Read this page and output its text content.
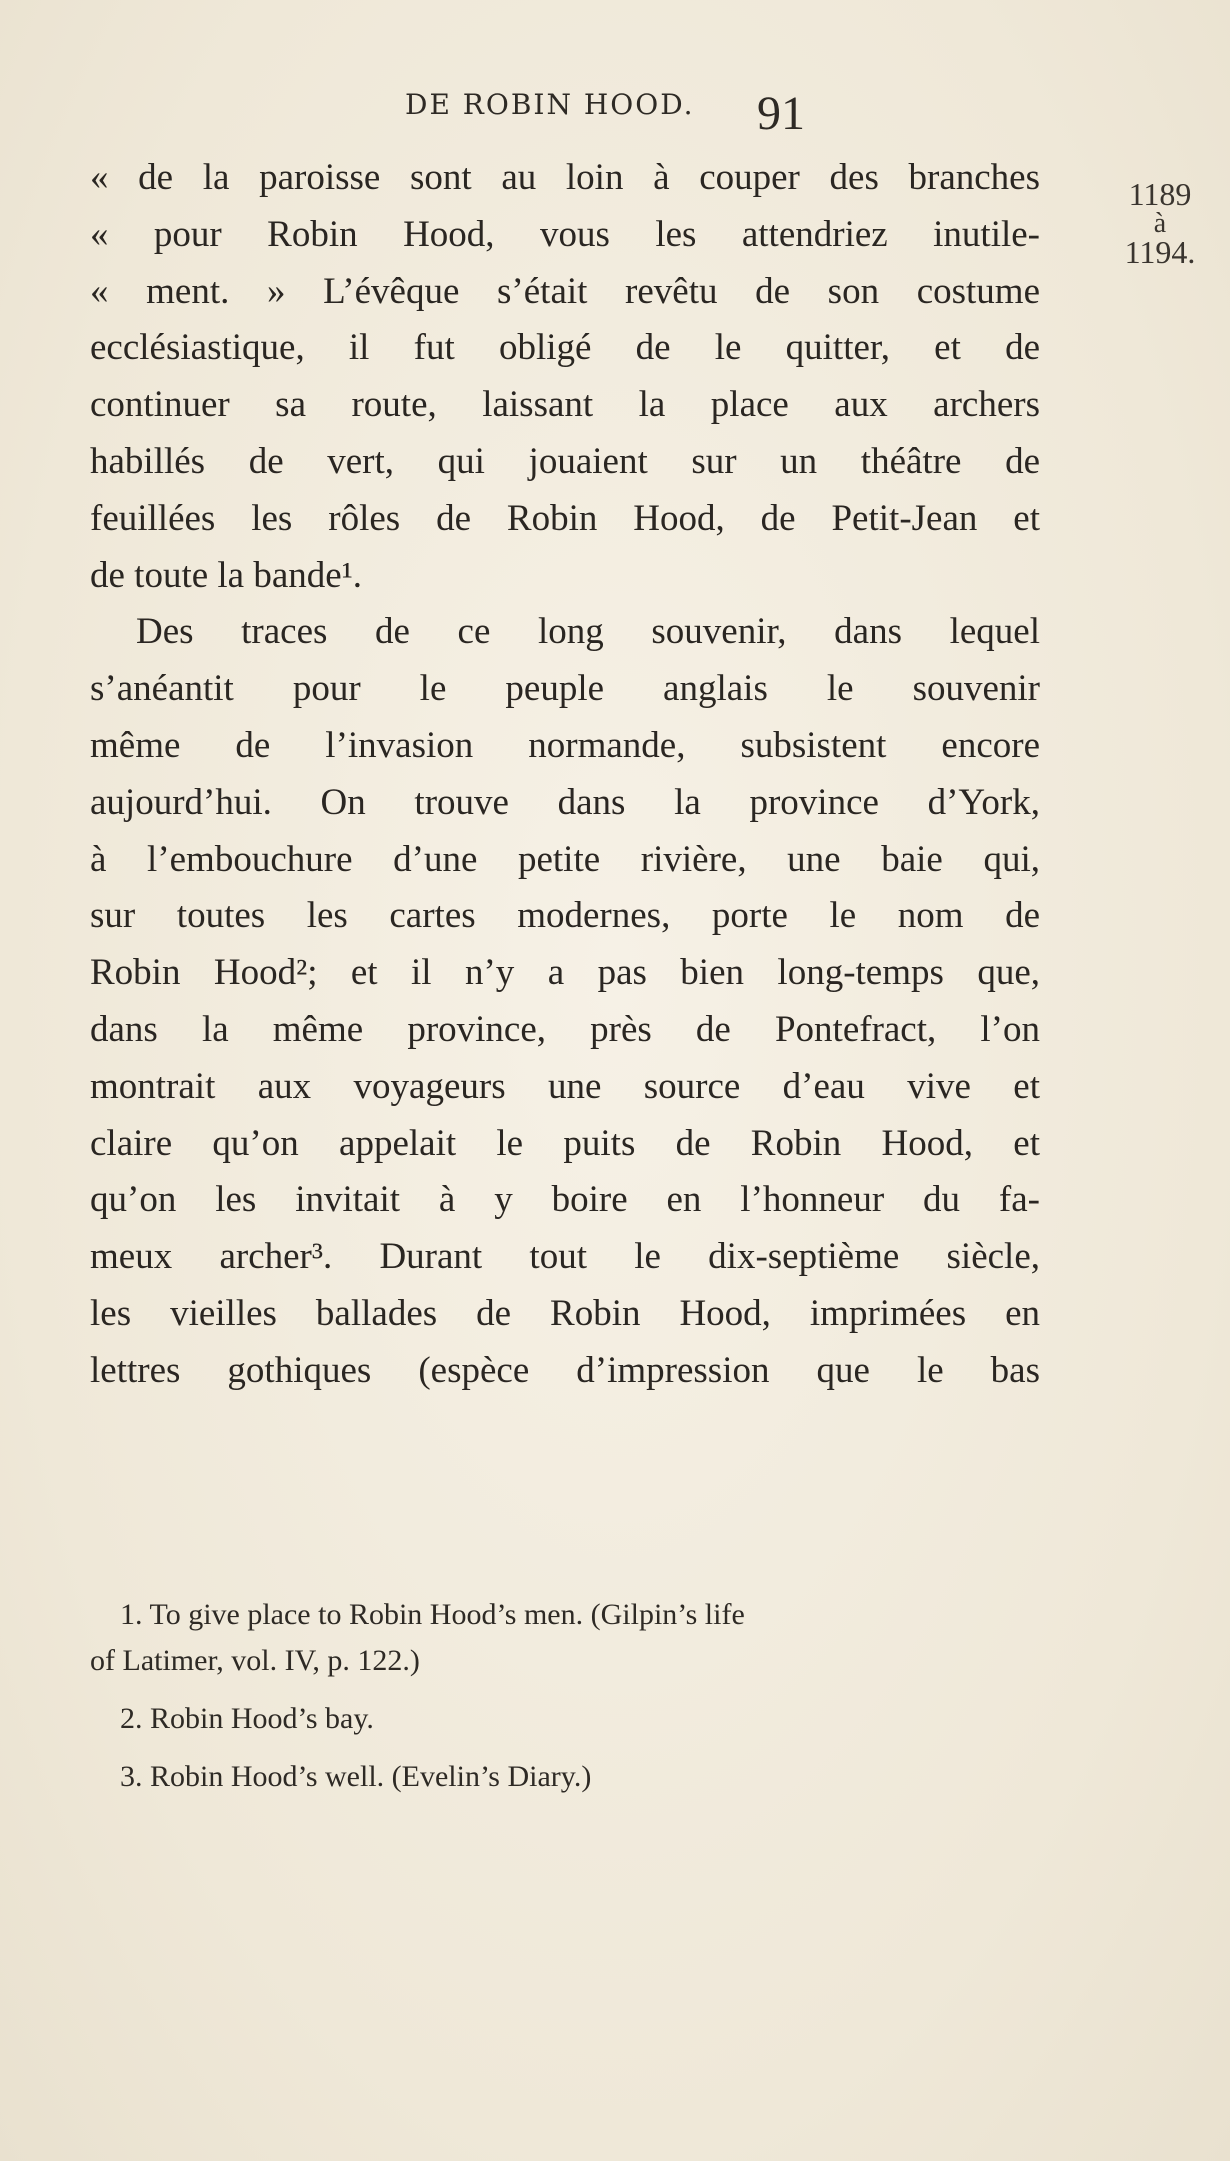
DE ROBIN HOOD. 91
1189
à
1194.
« de la paroisse sont au loin à couper des branches
« pour Robin Hood, vous les attendriez inutile-
« ment. » L’évêque s’était revêtu de son costume
ecclésiastique, il fut obligé de le quitter, et de
continuer sa route, laissant la place aux archers
habillés de vert, qui jouaient sur un théâtre de
feuillées les rôles de Robin Hood, de Petit-Jean et
de toute la bande¹.
Des traces de ce long souvenir, dans lequel
s’anéantit pour le peuple anglais le souvenir
même de l’invasion normande, subsistent encore
aujourd’hui. On trouve dans la province d’York,
à l’embouchure d’une petite rivière, une baie qui,
sur toutes les cartes modernes, porte le nom de
Robin Hood²; et il n’y a pas bien long-temps que,
dans la même province, près de Pontefract, l’on
montrait aux voyageurs une source d’eau vive et
claire qu’on appelait le puits de Robin Hood, et
qu’on les invitait à y boire en l’honneur du fa-
meux archer³. Durant tout le dix-septième siècle,
les vieilles ballades de Robin Hood, imprimées en
lettres gothiques (espèce d’impression que le bas
1. To give place to Robin Hood’s men. (Gilpin’s life
of Latimer, vol. IV, p. 122.)
2. Robin Hood’s bay.
3. Robin Hood’s well. (Evelin’s Diary.)
